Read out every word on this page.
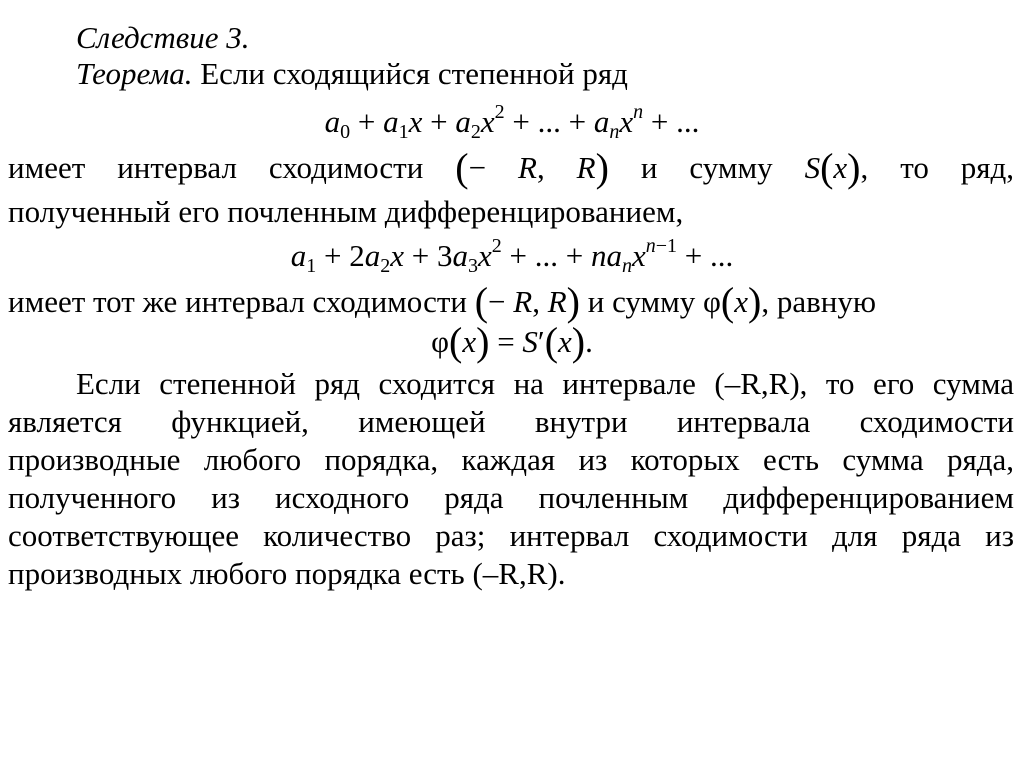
Следствие 3.
Теорема. Если сходящийся степенной ряд
$a_0 + a_1x + a_2x^2$ + ... + $a_nx^n$ + ...
имеет интервал сходимости (− R, R) и сумму S(x), то ряд,
полученный его почленным дифференцированием,
$a_1 + 2a_2x + 3a_3x^2$ + ... + $na_nx^{n-1}$ + ...
имеет тот же интервал сходимости (− R, R) и сумму φ(x), равную
φ(x) = S′(x).
Если степенной ряд сходится на интервале (–R,R), то его сумма
является функцией, имеющей внутри интервала сходимости
производные любого порядка, каждая из которых есть сумма ряда,
полученного из исходного ряда почленным дифференцированием
соответствующее количество раз; интервал сходимости для ряда из
производных любого порядка есть (–R,R).
